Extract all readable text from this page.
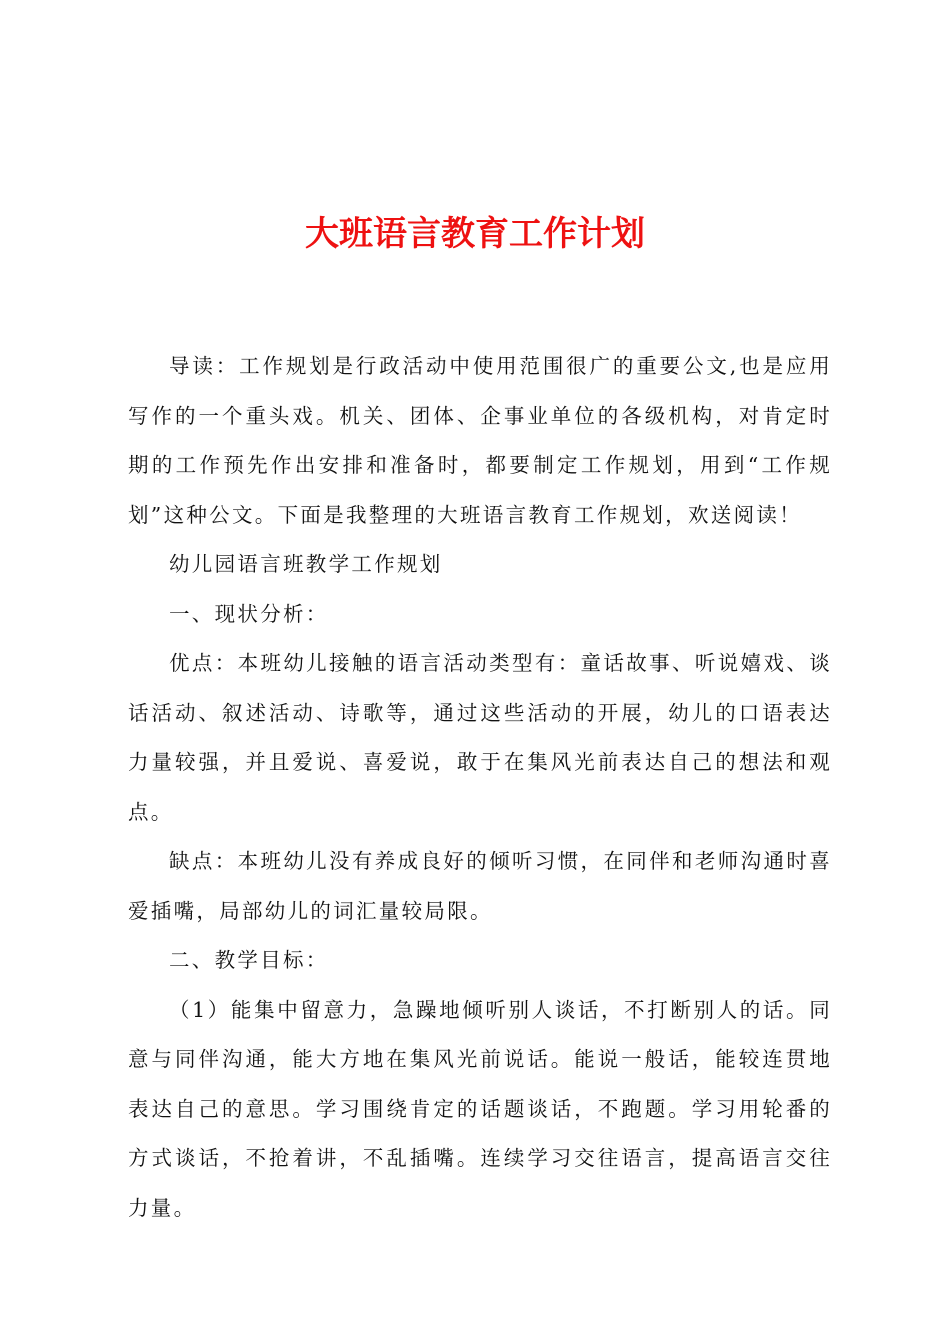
大班语言教育工作计划

导读：工作规划是行政活动中使用范围很广的重要公文,也是应用写作的一个重头戏。机关、团体、企事业单位的各级机构，对肯定时期的工作预先作出安排和准备时，都要制定工作规划，用到“工作规划”这种公文。下面是我整理的大班语言教育工作规划，欢送阅读！

幼儿园语言班教学工作规划

一、现状分析：

优点：本班幼儿接触的语言活动类型有：童话故事、听说嬉戏、谈话活动、叙述活动、诗歌等，通过这些活动的开展，幼儿的口语表达力量较强，并且爱说、喜爱说，敢于在集风光前表达自己的想法和观点。

缺点：本班幼儿没有养成良好的倾听习惯，在同伴和老师沟通时喜爱插嘴，局部幼儿的词汇量较局限。

二、教学目标：

（1）能集中留意力，急躁地倾听别人谈话，不打断别人的话。同意与同伴沟通，能大方地在集风光前说话。能说一般话，能较连贯地表达自己的意思。学习围绕肯定的话题谈话，不跑题。学习用轮番的方式谈话，不抢着讲，不乱插嘴。连续学习交往语言，提高语言交往力量。
